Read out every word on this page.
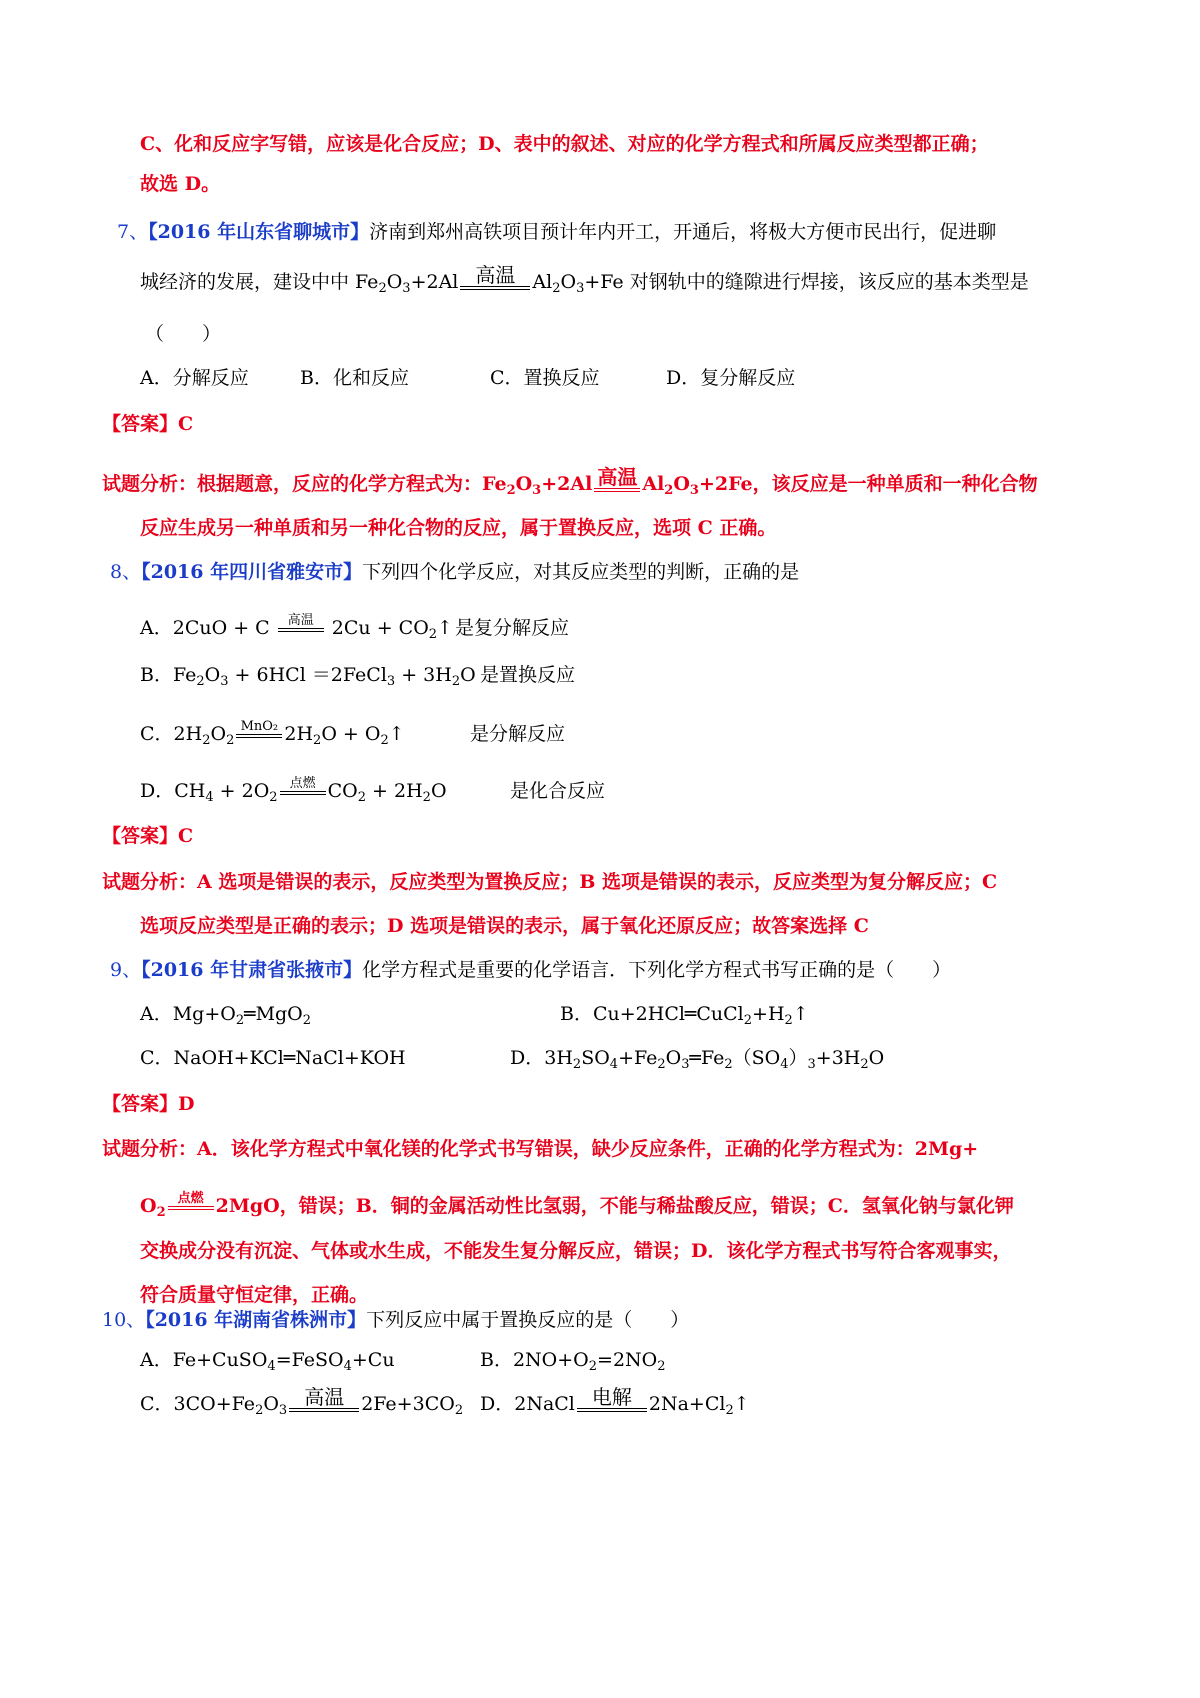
C、化和反应字写错，应该是化合反应；D、表中的叙述、对应的化学方程式和所属反应类型都正确；
故选 D。
7、【2016 年山东省聊城市】济南到郑州高铁项目预计年内开工，开通后，将极大方便市民出行，促进聊
城经济的发展，建设中中 $Fe_2O_3+2Al$ 高温 $Al_2O_3+Fe$ 对钢轨中的缝隙进行焊接，该反应的基本类型是
（　　）
A．分解反应	B．化和反应	C．置换反应	D．复分解反应
【答案】C
试题分析：根据题意，反应的化学方程式为：$Fe_2O_3+2Al$ 高温 $Al_2O_3+2Fe$，该反应是一种单质和一种化合物
反应生成另一种单质和另一种化合物的反应，属于置换反应，选项 C 正确。
8、【2016 年四川省雅安市】下列四个化学反应，对其反应类型的判断，正确的是
A．2CuO + C 高温 $2Cu + CO_2↑$ 是复分解反应
B．$Fe_2O_3 + 6HCl$ ＝2FeCl$_3$ + $3H_2O$ 是置换反应
C．$2H_2O_2$
MnO₂ $2H_2O$ + $O_2↑$	是分解反应
D．$CH_4 + 2O_2$
点燃 $CO_2 + 2H_2O$	是化合反应
【答案】C
试题分析：A 选项是错误的表示，反应类型为置换反应；B 选项是错误的表示，反应类型为复分解反应；C
选项反应类型是正确的表示；D 选项是错误的表示，属于氧化还原反应；故答案选择 C
9、【2016 年甘肃省张掖市】化学方程式是重要的化学语言．下列化学方程式书写正确的是（　　）
A．$Mg+O_2═MgO_2$	B．$Cu+2HCl═CuCl_2+H_2↑$
C．NaOH+KCl═NaCl+KOH	D．$3H_2SO_4+Fe_2O_3═Fe_2(SO_4)_3+3H_2O$
【答案】D
试题分析：A．该化学方程式中氧化镁的化学式书写错误，缺少反应条件，正确的化学方程式为：2Mg+
$O_2$
点燃 2MgO，错误；B．铜的金属活动性比氢弱，不能与稀盐酸反应，错误；C．氢氧化钠与氯化钾
交换成分没有沉淀、气体或水生成，不能发生复分解反应，错误；D．该化学方程式书写符合客观事实，
符合质量守恒定律，正确。
10、【2016 年湖南省株洲市】下列反应中属于置换反应的是（　　）
A．Fe+CuSO$_4$=FeSO$_4$+Cu	B．$2NO+O_2=2NO_2$
C．$3CO+Fe_2O_3$
高温 $2Fe+3CO_2$ D．2NaCl 电解 $2Na+Cl_2↑$
